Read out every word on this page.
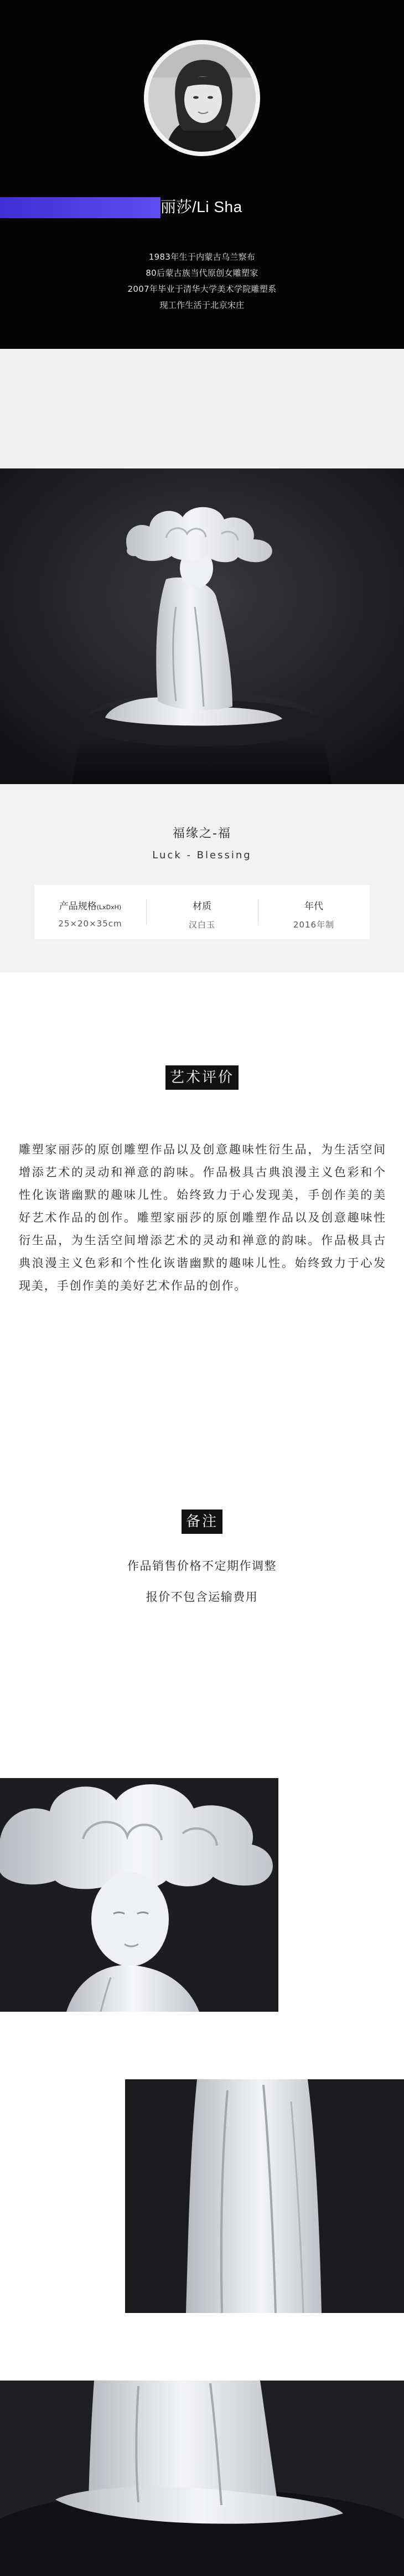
丽莎/Li Sha
1983年生于内蒙古乌兰察布
80后蒙古族当代原创女雕塑家
2007年毕业于清华大学美术学院雕塑系
现工作生活于北京宋庄
福缘之-福
Luck - Blessing
产品规格(LxDxH)
25×20×35cm
材质
汉白玉
年代
2016年制
艺术评价

雕塑家丽莎的原创雕塑作品以及创意趣味性衍生品，为生活空间增添艺术的灵动和禅意的韵味。作品极具古典浪漫主义色彩和个性化诙谐幽默的趣味儿性。始终致力于心发现美，手创作美的美好艺术作品的创作。雕塑家丽莎的原创雕塑作品以及创意趣味性衍生品，为生活空间增添艺术的灵动和禅意的韵味。作品极具古典浪漫主义色彩和个性化诙谐幽默的趣味儿性。始终致力于心发现美，手创作美的美好艺术作品的创作。

备注
作品销售价格不定期作调整
报价不包含运输费用
